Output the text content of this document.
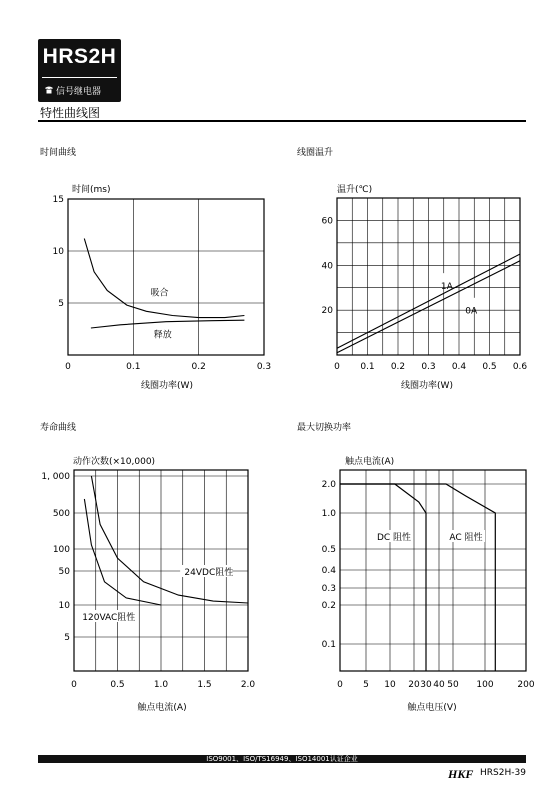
HRS2H
信号继电器
特性曲线图
时间曲线	线圈温升
寿命曲线	最大切换功率
时间(ms)
线圈功率(W)
0	0.1	0.2	0.3
15
10
5
吸合
释放
温升(℃)
线圈功率(W)
0 0.1 0.2 0.3 0.4 0.5 0.6
60
40
20
1A
0A
动作次数(×10,000)
触点电流(A)
1, 000
500
100
50
10
5
0	0.5	1.0	1.5	2.0
24VDC阻性
120VAC阻性
触点电流(A)
触点电压(V)
0 5 10 20 30 40 50 100	200
2.0
1.0
0.5
0.4
0.3
0.2
0.1
DC 阻性	AC 阻性
ISO9001、ISO/TS16949、ISO14001认证企业
HKF HRS2H-39
